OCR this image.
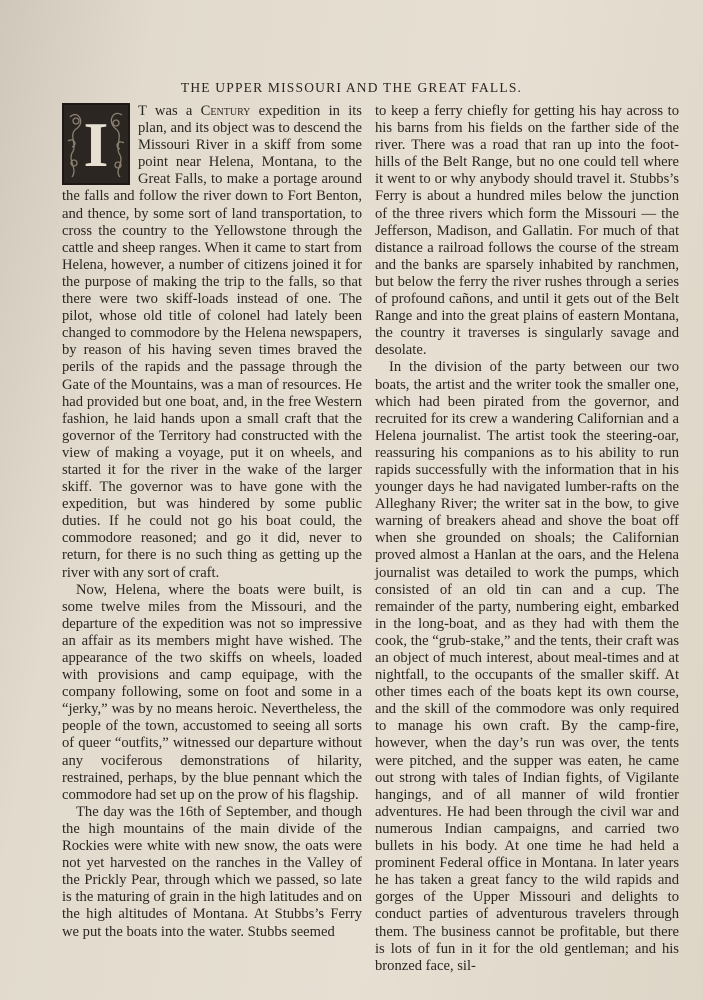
THE UPPER MISSOURI AND THE GREAT FALLS.

I	T was a Century expedition in its plan, and its object was to descend the Missouri River in a skiff from some point near Helena, Montana, to the Great Falls, to make a portage around the falls and follow the river down to Fort Benton, and thence, by some sort of land transportation, to cross the country to the Yellowstone through the cattle and sheep ranges. When it came to start from Helena, however, a number of citizens joined it for the purpose of making the trip to the falls, so that there were two skiff-loads instead of one. The pilot, whose old title of colonel had lately been changed to commodore by the Helena newspapers, by reason of his having seven times braved the perils of the rapids and the passage through the Gate of the Mountains, was a man of resources. He had provided but one boat, and, in the free Western fashion, he laid hands upon a small craft that the governor of the Territory had constructed with the view of making a voyage, put it on wheels, and started it for the river in the wake of the larger skiff. The governor was to have gone with the expedition, but was hindered by some public duties. If he could not go his boat could, the commodore reasoned; and go it did, never to return, for there is no such thing as getting up the river with any sort of craft.

Now, Helena, where the boats were built, is some twelve miles from the Missouri, and the departure of the expedition was not so impressive an affair as its members might have wished. The appearance of the two skiffs on wheels, loaded with provisions and camp equipage, with the company following, some on foot and some in a “jerky,” was by no means heroic. Nevertheless, the people of the town, accustomed to seeing all sorts of queer “outfits,” witnessed our departure without any vociferous demonstrations of hilarity, restrained, perhaps, by the blue pennant which the commodore had set up on the prow of his flagship.

The day was the 16th of September, and though the high mountains of the main divide of the Rockies were white with new snow, the oats were not yet harvested on the ranches in the Valley of the Prickly Pear, through which we passed, so late is the maturing of grain in the high latitudes and on the high altitudes of Montana. At Stubbs’s Ferry we put the boats into the water. Stubbs seemed

to keep a ferry chiefly for getting his hay across to his barns from his fields on the farther side of the river. There was a road that ran up into the foot-hills of the Belt Range, but no one could tell where it went to or why anybody should travel it. Stubbs’s Ferry is about a hundred miles below the junction of the three rivers which form the Missouri — the Jefferson, Madison, and Gallatin. For much of that distance a railroad follows the course of the stream and the banks are sparsely inhabited by ranchmen, but below the ferry the river rushes through a series of profound cañons, and until it gets out of the Belt Range and into the great plains of eastern Montana, the country it traverses is singularly savage and desolate.

In the division of the party between our two boats, the artist and the writer took the smaller one, which had been pirated from the governor, and recruited for its crew a wandering Californian and a Helena journalist. The artist took the steering-oar, reassuring his companions as to his ability to run rapids successfully with the information that in his younger days he had navigated lumber-rafts on the Alleghany River; the writer sat in the bow, to give warning of breakers ahead and shove the boat off when she grounded on shoals; the Californian proved almost a Hanlan at the oars, and the Helena journalist was detailed to work the pumps, which consisted of an old tin can and a cup. The remainder of the party, numbering eight, embarked in the long-boat, and as they had with them the cook, the “grub-stake,” and the tents, their craft was an object of much interest, about meal-times and at nightfall, to the occupants of the smaller skiff. At other times each of the boats kept its own course, and the skill of the commodore was only required to manage his own craft. By the camp-fire, however, when the day’s run was over, the tents were pitched, and the supper was eaten, he came out strong with tales of Indian fights, of Vigilante hangings, and of all manner of wild frontier adventures. He had been through the civil war and numerous Indian campaigns, and carried two bullets in his body. At one time he had held a prominent Federal office in Montana. In later years he has taken a great fancy to the wild rapids and gorges of the Upper Missouri and delights to conduct parties of adventurous travelers through them. The business cannot be profitable, but there is lots of fun in it for the old gentleman; and his bronzed face, sil-
